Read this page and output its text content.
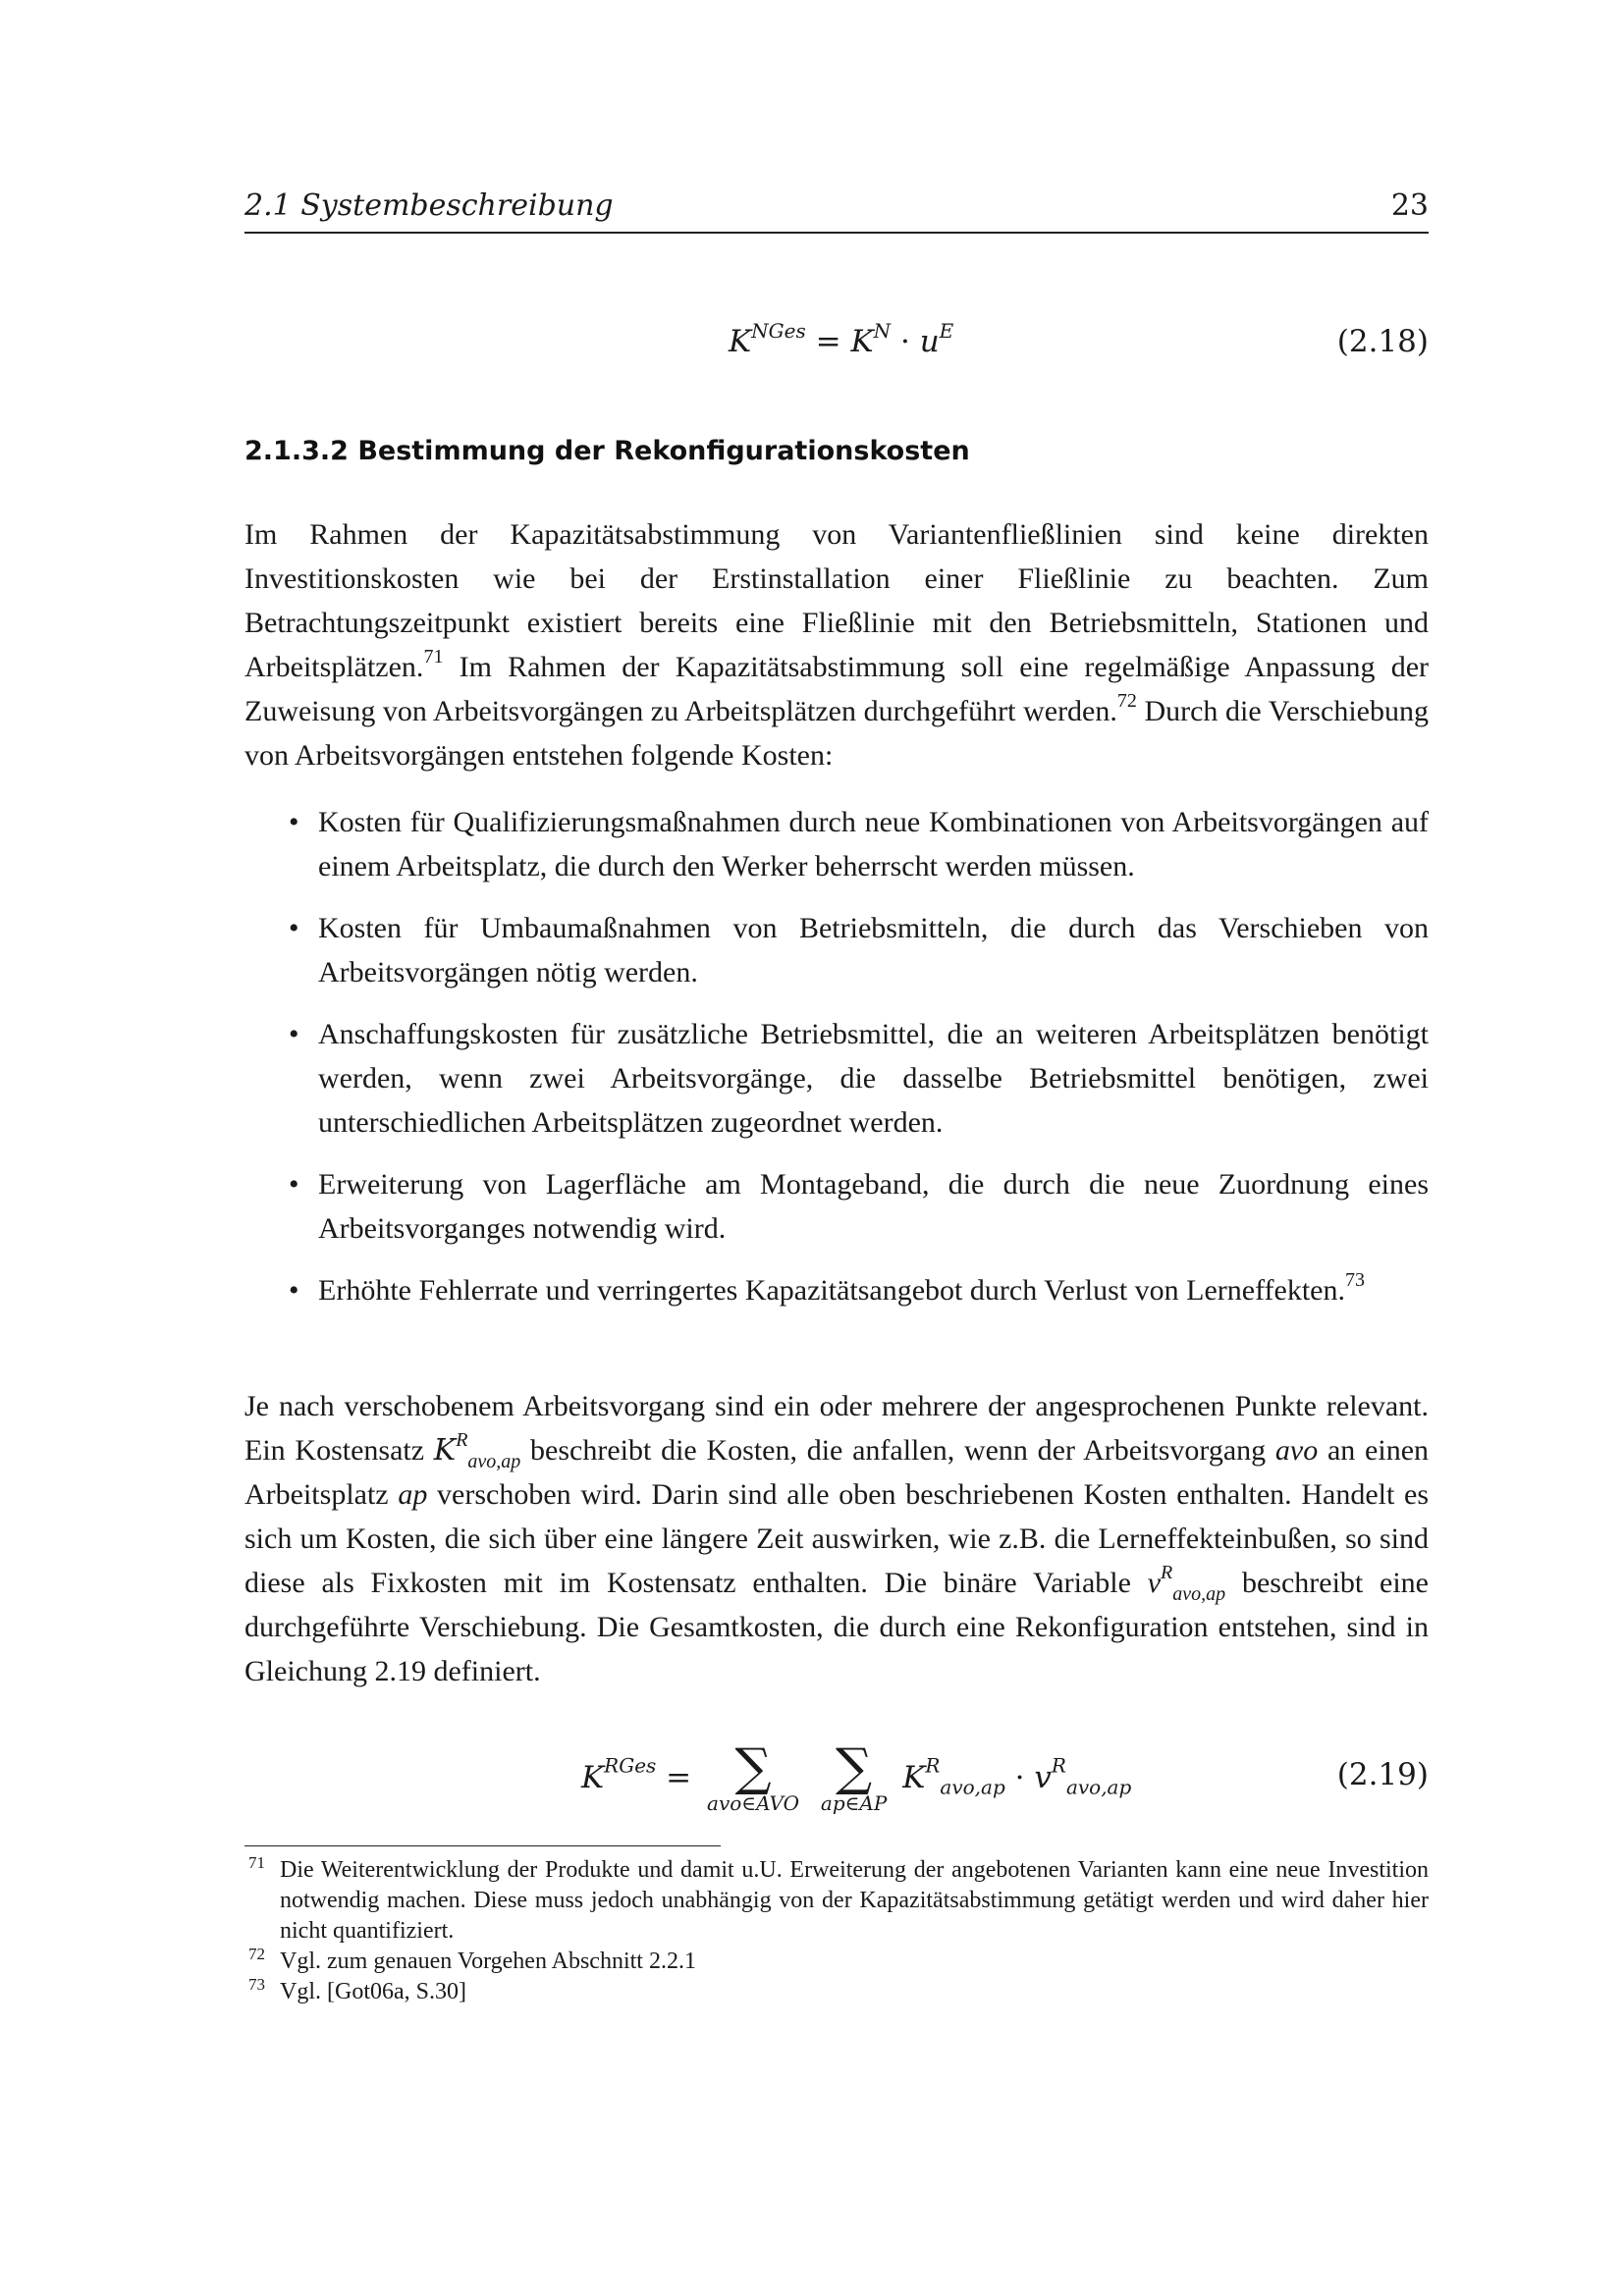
2.1 Systembeschreibung	23
$K^{NGes} = K^N \cdot u^E$	(2.18)
2.1.3.2 Bestimmung der Rekonfigurationskosten

Im Rahmen der Kapazitätsabstimmung von Variantenfließlinien sind keine direkten Investitionskosten wie bei der Erstinstallation einer Fließlinie zu beachten. Zum Betrachtungszeitpunkt existiert bereits eine Fließlinie mit den Betriebsmitteln, Stationen und Arbeitsplätzen.$^{71}$ Im Rahmen der Kapazitätsabstimmung soll eine regelmäßige Anpassung der Zuweisung von Arbeitsvorgängen zu Arbeitsplätzen durchgeführt werden.$^{72}$ Durch die Verschiebung von Arbeitsvorgängen entstehen folgende Kosten:

• Kosten für Qualifizierungsmaßnahmen durch neue Kombinationen von Arbeitsvorgängen auf einem Arbeitsplatz, die durch den Werker beherrscht werden müssen.
• Kosten für Umbaumaßnahmen von Betriebsmitteln, die durch das Verschieben von Arbeitsvorgängen nötig werden.
• Anschaffungskosten für zusätzliche Betriebsmittel, die an weiteren Arbeitsplätzen benötigt werden, wenn zwei Arbeitsvorgänge, die dasselbe Betriebsmittel benötigen, zwei unterschiedlichen Arbeitsplätzen zugeordnet werden.
• Erweiterung von Lagerfläche am Montageband, die durch die neue Zuordnung eines Arbeitsvorganges notwendig wird.
• Erhöhte Fehlerrate und verringertes Kapazitätsangebot durch Verlust von Lerneffekten.$^{73}$

Je nach verschobenem Arbeitsvorgang sind ein oder mehrere der angesprochenen Punkte relevant. Ein Kostensatz $K^R_{avo,ap}$ beschreibt die Kosten, die anfallen, wenn der Arbeitsvorgang avo an einen Arbeitsplatz ap verschoben wird. Darin sind alle oben beschriebenen Kosten enthalten. Handelt es sich um Kosten, die sich über eine längere Zeit auswirken, wie z.B. die Lerneffekteinbußen, so sind diese als Fixkosten mit im Kostensatz enthalten. Die binäre Variable $v^R_{avo,ap}$ beschreibt eine durchgeführte Verschiebung. Die Gesamtkosten, die durch eine Rekonfiguration entstehen, sind in Gleichung 2.19 definiert.

$K^{RGes}$ = ∑
avo∈AVO

∑
ap∈AP
$K^R_{avo,ap} \cdot v^R_{avo,ap}$	(2.19)
71 Die Weiterentwicklung der Produkte und damit u.U. Erweiterung der angebotenen Varianten kann eine neue Investition notwendig machen. Diese muss jedoch unabhängig von der Kapazitätsabstimmung getätigt werden und wird daher hier nicht quantifiziert.
72 Vgl. zum genauen Vorgehen Abschnitt 2.2.1
73 Vgl. [Got06a, S.30]
